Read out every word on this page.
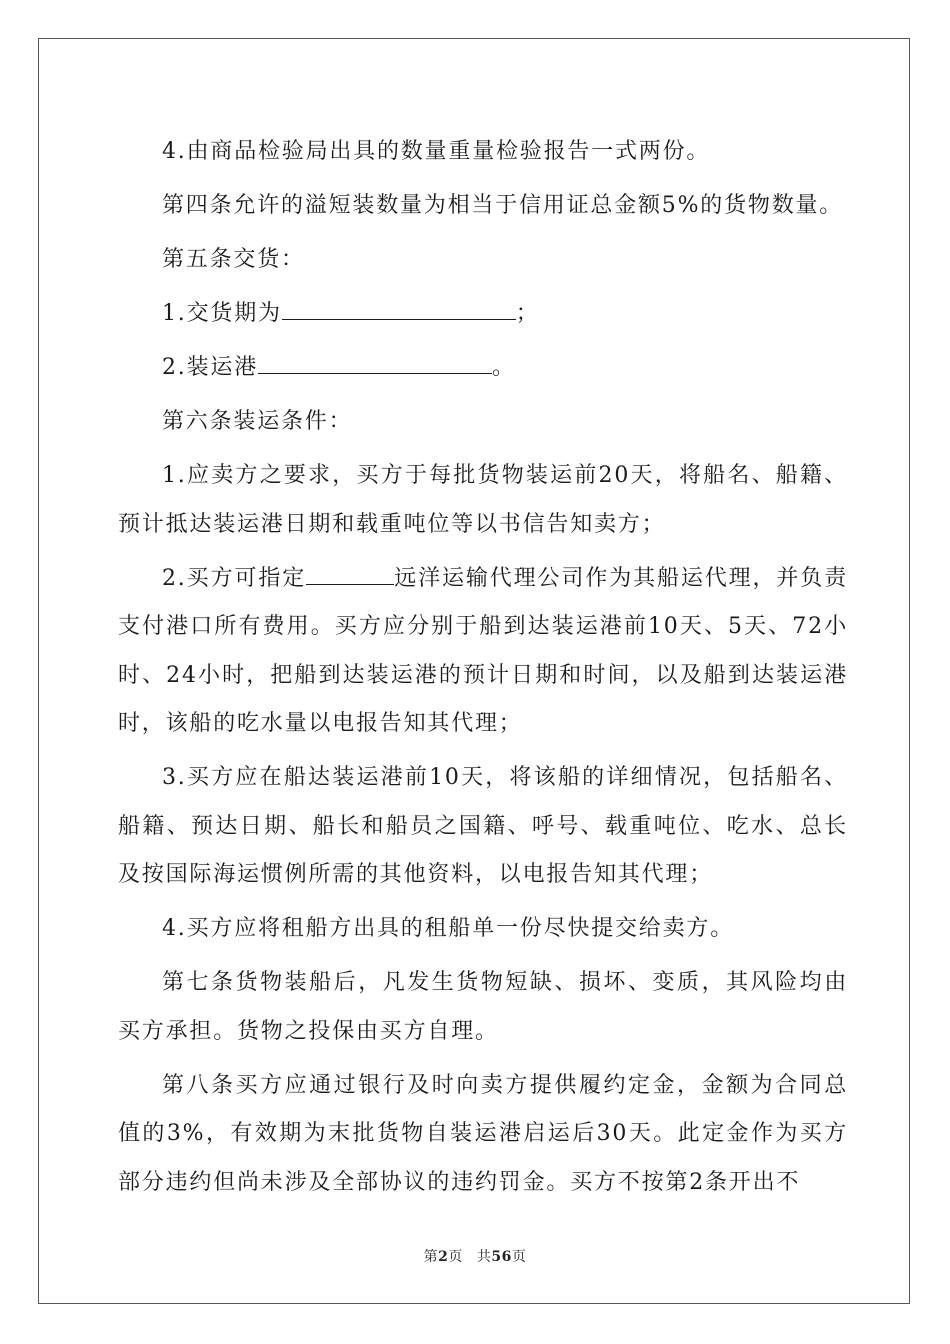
4.由商品检验局出具的数量重量检验报告一式两份。

第四条允许的溢短装数量为相当于信用证总金额5%的货物数量。

第五条交货：

1.交货期为	；

2.装运港	。

第六条装运条件：

1.应卖方之要求，买方于每批货物装运前20天，将船名、船籍、预计抵达装运港日期和载重吨位等以书信告知卖方；

2.买方可指定	远洋运输代理公司作为其船运代理，并负责支付港口所有费用。买方应分别于船到达装运港前10天、5天、72小时、24小时，把船到达装运港的预计日期和时间，以及船到达装运港时，该船的吃水量以电报告知其代理；

3.买方应在船达装运港前10天，将该船的详细情况，包括船名、船籍、预达日期、船长和船员之国籍、呼号、载重吨位、吃水、总长及按国际海运惯例所需的其他资料，以电报告知其代理；

4.买方应将租船方出具的租船单一份尽快提交给卖方。

第七条货物装船后，凡发生货物短缺、损坏、变质，其风险均由买方承担。货物之投保由买方自理。

第八条买方应通过银行及时向卖方提供履约定金，金额为合同总值的3%，有效期为末批货物自装运港启运后30天。此定金作为买方部分违约但尚未涉及全部协议的违约罚金。买方不按第2条开出不

第2页 共56页
